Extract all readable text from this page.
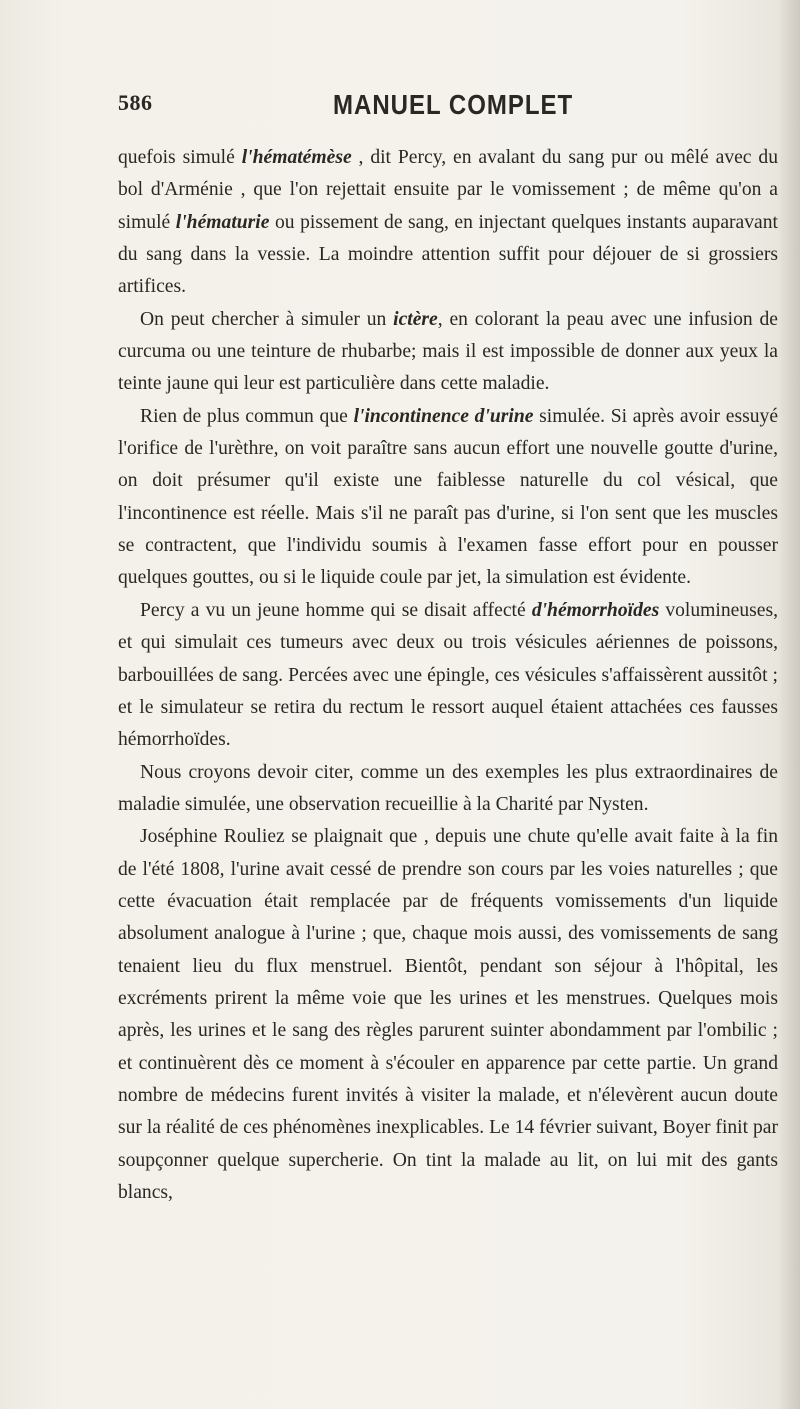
586	MANUEL COMPLET

quefois simulé l'hématémèse , dit Percy, en avalant du sang pur ou mêlé avec du bol d'Arménie , que l'on rejettait ensuite par le vomissement ; de même qu'on a simulé l'hématurie ou pissement de sang, en injectant quelques instants auparavant du sang dans la vessie. La moindre attention suffit pour déjouer de si grossiers artifices.

On peut chercher à simuler un ictère, en colorant la peau avec une infusion de curcuma ou une teinture de rhubarbe; mais il est impossible de donner aux yeux la teinte jaune qui leur est particulière dans cette maladie.

Rien de plus commun que l'incontinence d'urine simulée. Si après avoir essuyé l'orifice de l'urèthre, on voit paraître sans aucun effort une nouvelle goutte d'urine, on doit présumer qu'il existe une faiblesse naturelle du col vésical, que l'incontinence est réelle. Mais s'il ne paraît pas d'urine, si l'on sent que les muscles se contractent, que l'individu soumis à l'examen fasse effort pour en pousser quelques gouttes, ou si le liquide coule par jet, la simulation est évidente.

Percy a vu un jeune homme qui se disait affecté d'hémorrhoïdes volumineuses, et qui simulait ces tumeurs avec deux ou trois vésicules aériennes de poissons, barbouillées de sang. Percées avec une épingle, ces vésicules s'affaissèrent aussitôt ; et le simulateur se retira du rectum le ressort auquel étaient attachées ces fausses hémorrhoïdes.

Nous croyons devoir citer, comme un des exemples les plus extraordinaires de maladie simulée, une observation recueillie à la Charité par Nysten.

Joséphine Rouliez se plaignait que , depuis une chute qu'elle avait faite à la fin de l'été 1808, l'urine avait cessé de prendre son cours par les voies naturelles ; que cette évacuation était remplacée par de fréquents vomissements d'un liquide absolument analogue à l'urine ; que, chaque mois aussi, des vomissements de sang tenaient lieu du flux menstruel. Bientôt, pendant son séjour à l'hôpital, les excréments prirent la même voie que les urines et les menstrues. Quelques mois après, les urines et le sang des règles parurent suinter abondamment par l'ombilic ; et continuèrent dès ce moment à s'écouler en apparence par cette partie. Un grand nombre de médecins furent invités à visiter la malade, et n'élevèrent aucun doute sur la réalité de ces phénomènes inexplicables. Le 14 février suivant, Boyer finit par soupçonner quelque supercherie. On tint la malade au lit, on lui mit des gants blancs,
